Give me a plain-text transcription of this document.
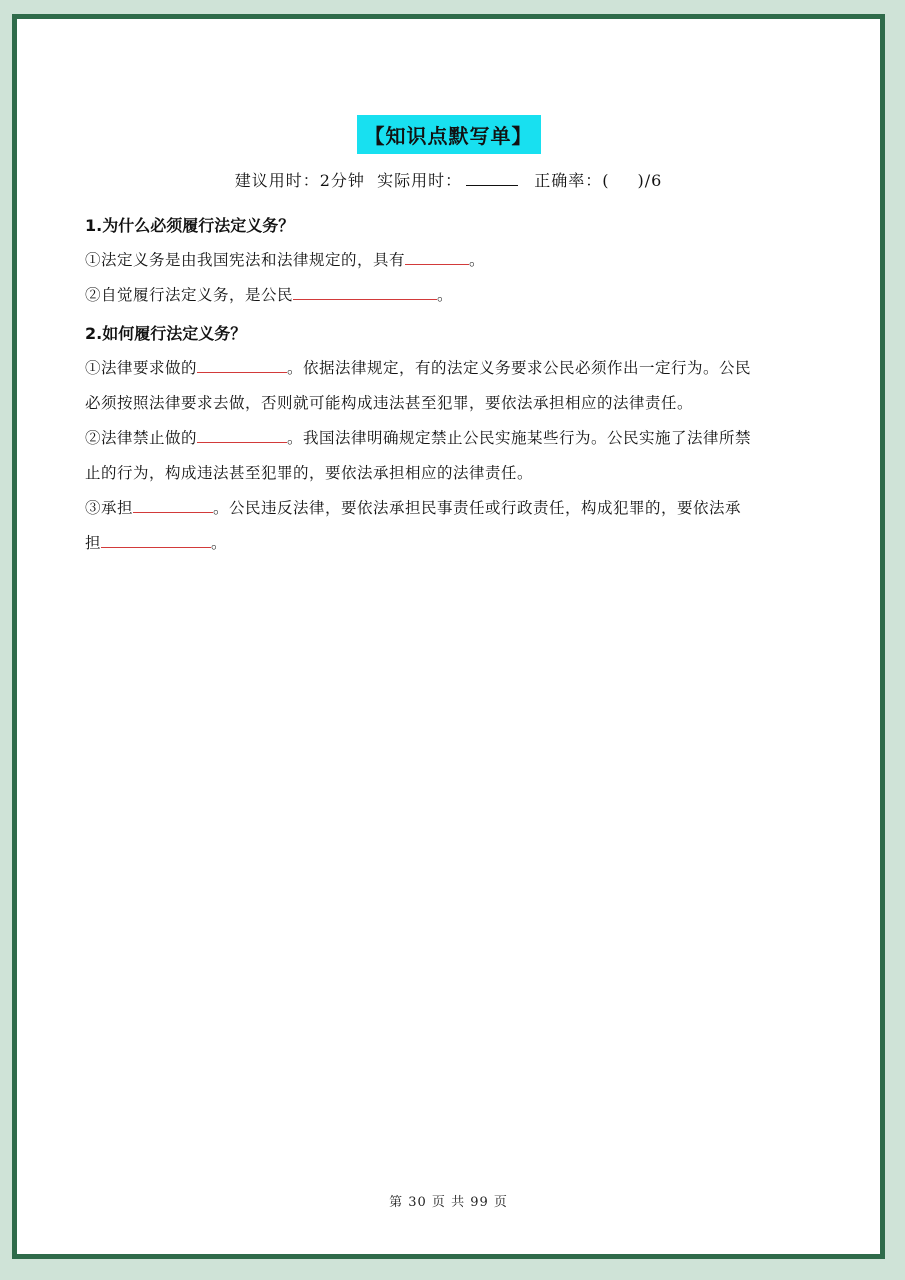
【知识点默写单】
建议用时：2分钟 实际用时：	正确率：( )/6

1.为什么必须履行法定义务？

①法定义务是由我国宪法和法律规定的，具有	。

②自觉履行法定义务，是公民	。

2.如何履行法定义务？

①法律要求做的	。依据法律规定，有的法定义务要求公民必须作出一定行为。公民

必须按照法律要求去做，否则就可能构成违法甚至犯罪，要依法承担相应的法律责任。

②法律禁止做的	。我国法律明确规定禁止公民实施某些行为。公民实施了法律所禁

止的行为，构成违法甚至犯罪的，要依法承担相应的法律责任。

③承担	。公民违反法律，要依法承担民事责任或行政责任，构成犯罪的，要依法承

担	。

第 30 页 共 99 页
